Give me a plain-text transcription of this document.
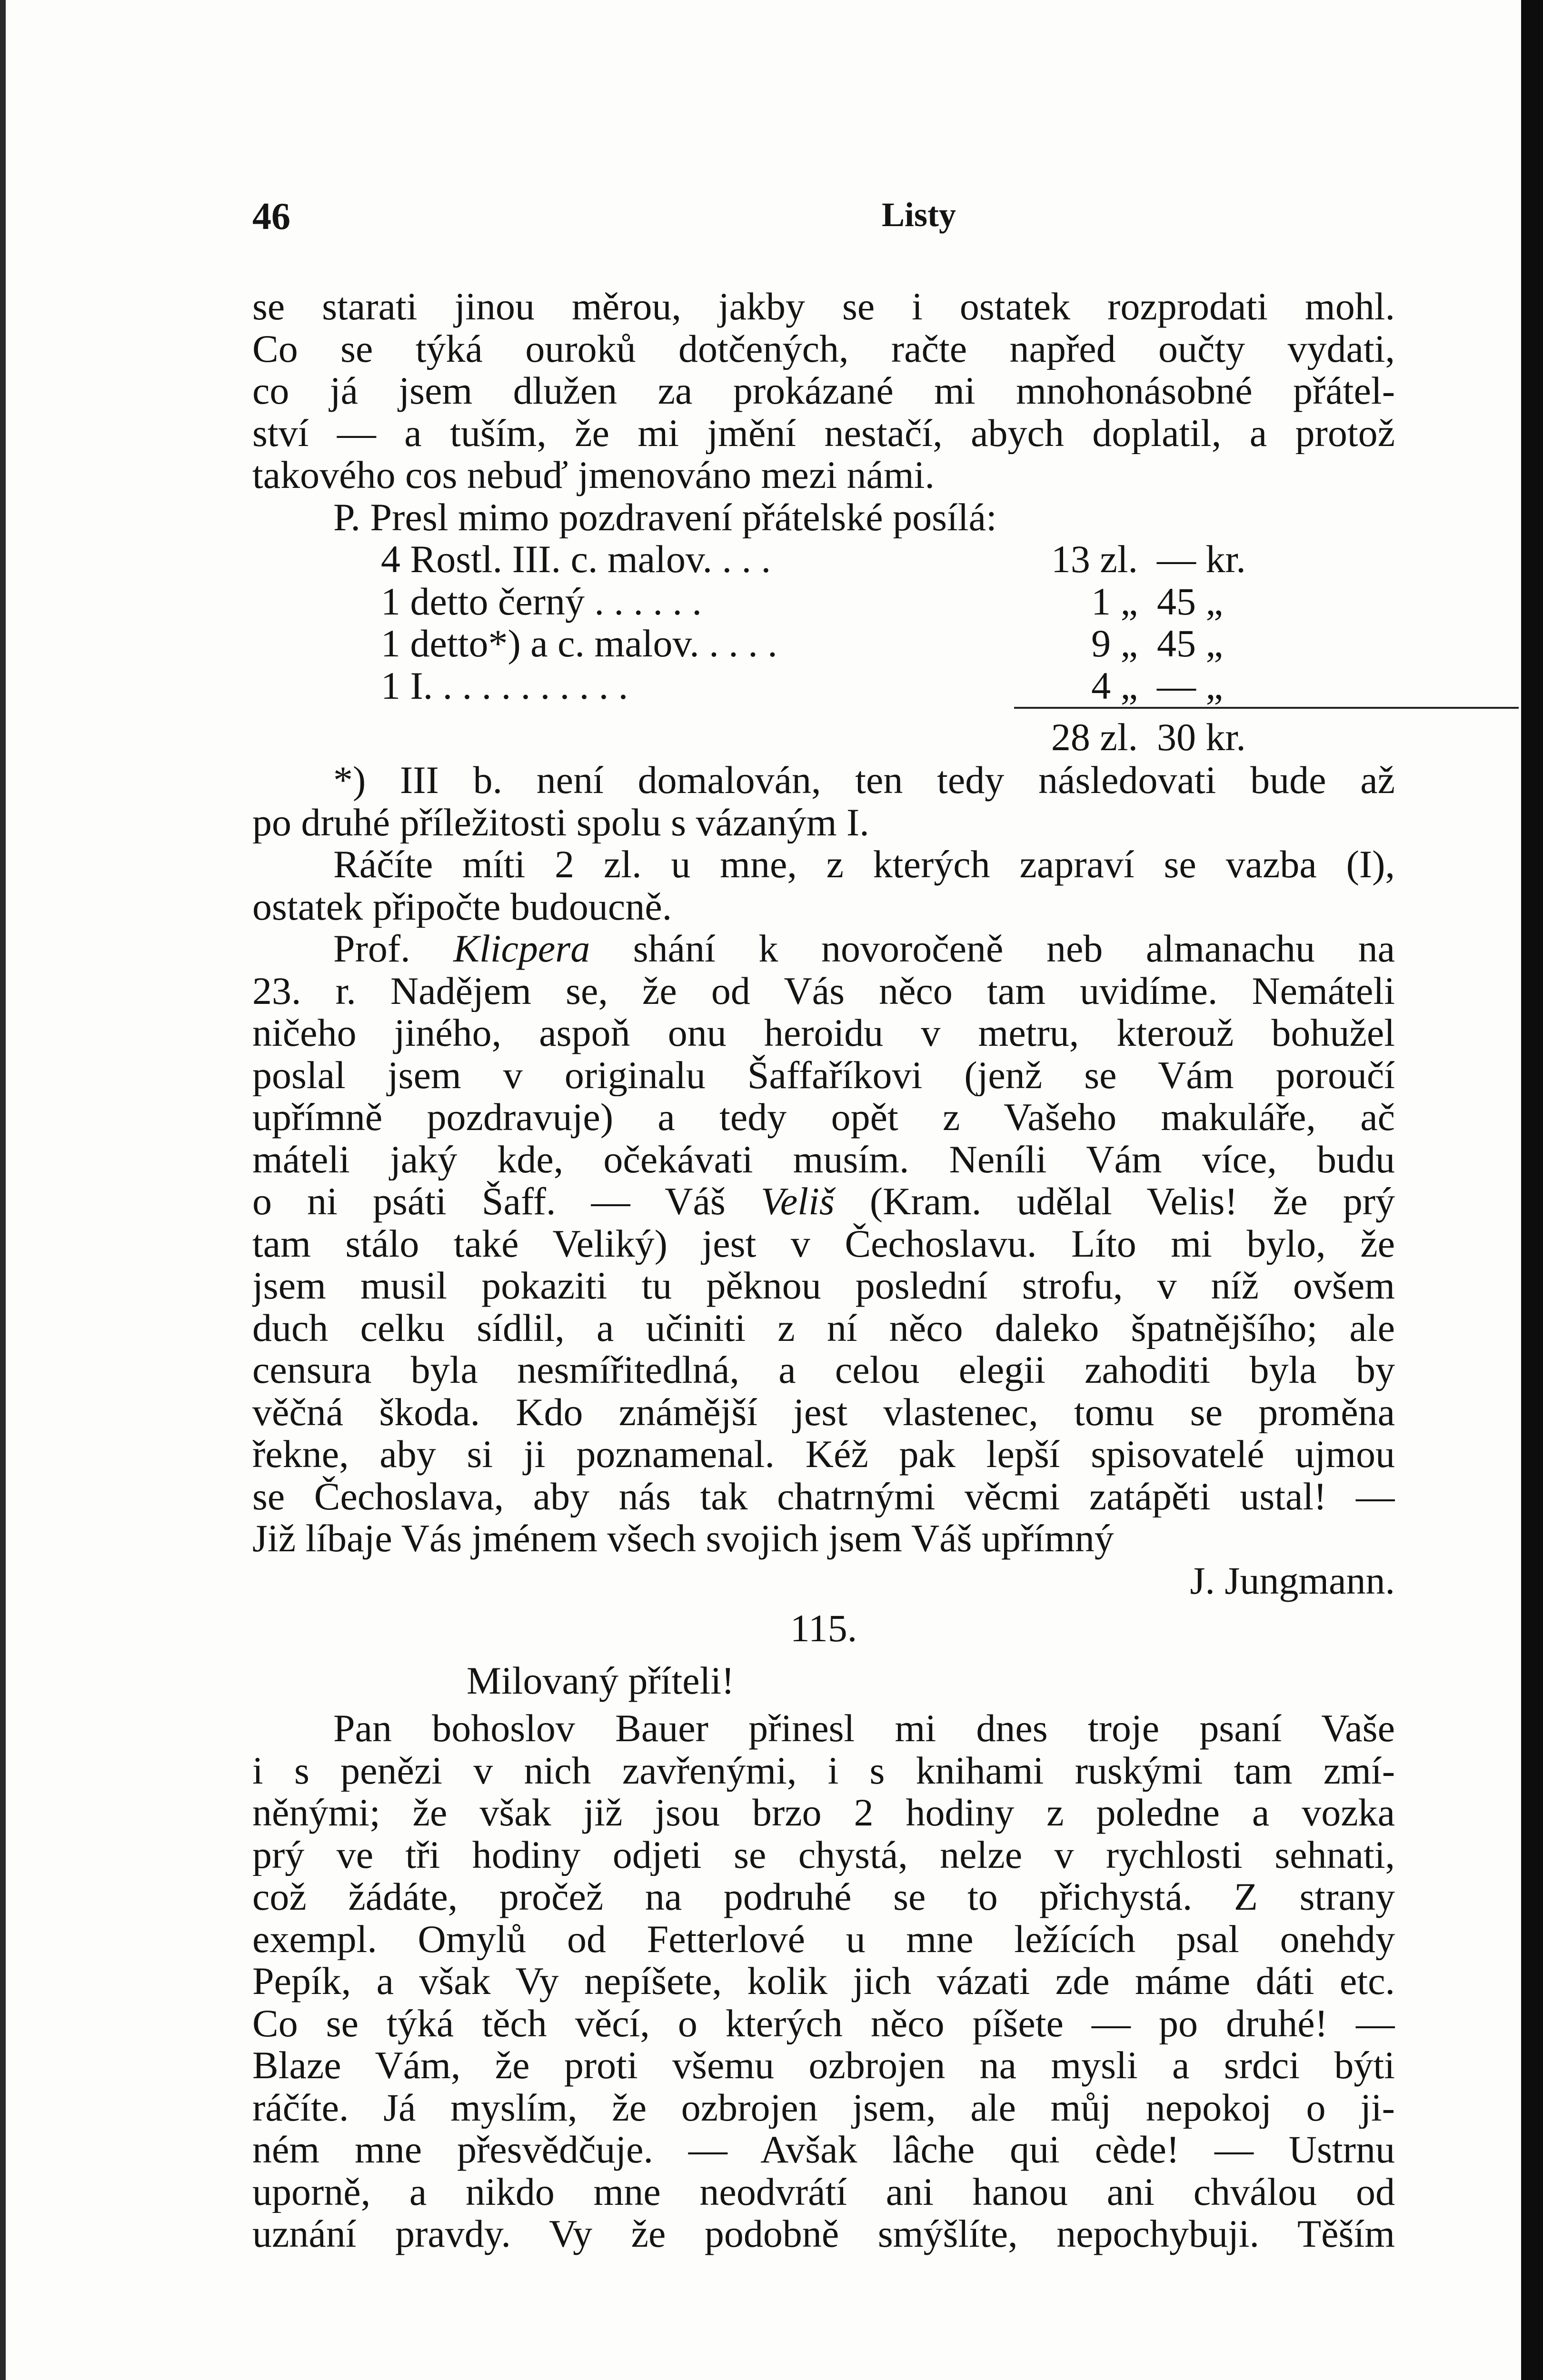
46	Listy
se starati jinou měrou, jakby se i ostatek rozprodati mohl.
Co se týká ouroků dotčených, račte napřed oučty vydati,
co já jsem dlužen za prokázané mi mnohonásobné přátel-
ství — a tuším, že mi jmění nestačí, abych doplatil, a protož
takového cos nebuď jmenováno mezi námi.
P. Presl mimo pozdravení přátelské posílá:
4 Rostl. III. c. malov. . . .	13 zl. — kr.
1 detto černý . . . . . .	1 „ 45 „
1 detto*) a c. malov. . . . .	9 „ 45 „
1 I. . . . . . . . . . .	4 „ — „
28 zl. 30 kr.
*) III b. není domalován, ten tedy následovati bude až
po druhé příležitosti spolu s vázaným I.
Ráčíte míti 2 zl. u mne, z kterých zapraví se vazba (I),
ostatek připočte budoucně.
Prof. Klicpera shání k novoročeně neb almanachu na
23. r. Nadějem se, že od Vás něco tam uvidíme. Nemáteli
ničeho jiného, aspoň onu heroidu v metru, kterouž bohužel
poslal jsem v originalu Šaffaříkovi (jenž se Vám poroučí
upřímně pozdravuje) a tedy opět z Vašeho makuláře, ač
máteli jaký kde, očekávati musím. Neníli Vám více, budu
o ni psáti Šaff. — Váš Veliš (Kram. udělal Velis! že prý
tam stálo také Veliký) jest v Čechoslavu. Líto mi bylo, že
jsem musil pokaziti tu pěknou poslední strofu, v níž ovšem
duch celku sídlil, a učiniti z ní něco daleko špatnějšího; ale
censura byla nesmířitedlná, a celou elegii zahoditi byla by
věčná škoda. Kdo známější jest vlastenec, tomu se proměna
řekne, aby si ji poznamenal. Kéž pak lepší spisovatelé ujmou
se Čechoslava, aby nás tak chatrnými věcmi zatápěti ustal! —
Již líbaje Vás jménem všech svojich jsem Váš upřímný
J. Jungmann.
115.
Milovaný příteli!
Pan bohoslov Bauer přinesl mi dnes troje psaní Vaše
i s penězi v nich zavřenými, i s knihami ruskými tam zmí-
něnými; že však již jsou brzo 2 hodiny z poledne a vozka
prý ve tři hodiny odjeti se chystá, nelze v rychlosti sehnati,
což žádáte, pročež na podruhé se to přichystá. Z strany
exempl. Omylů od Fetterlové u mne ležících psal onehdy
Pepík, a však Vy nepíšete, kolik jich vázati zde máme dáti etc.
Co se týká těch věcí, o kterých něco píšete — po druhé! —
Blaze Vám, že proti všemu ozbrojen na mysli a srdci býti
ráčíte. Já myslím, že ozbrojen jsem, ale můj nepokoj o ji-
ném mne přesvědčuje. — Avšak lâche qui cède! — Ustrnu
uporně, a nikdo mne neodvrátí ani hanou ani chválou od
uznání pravdy. Vy že podobně smýšlíte, nepochybuji. Těším
